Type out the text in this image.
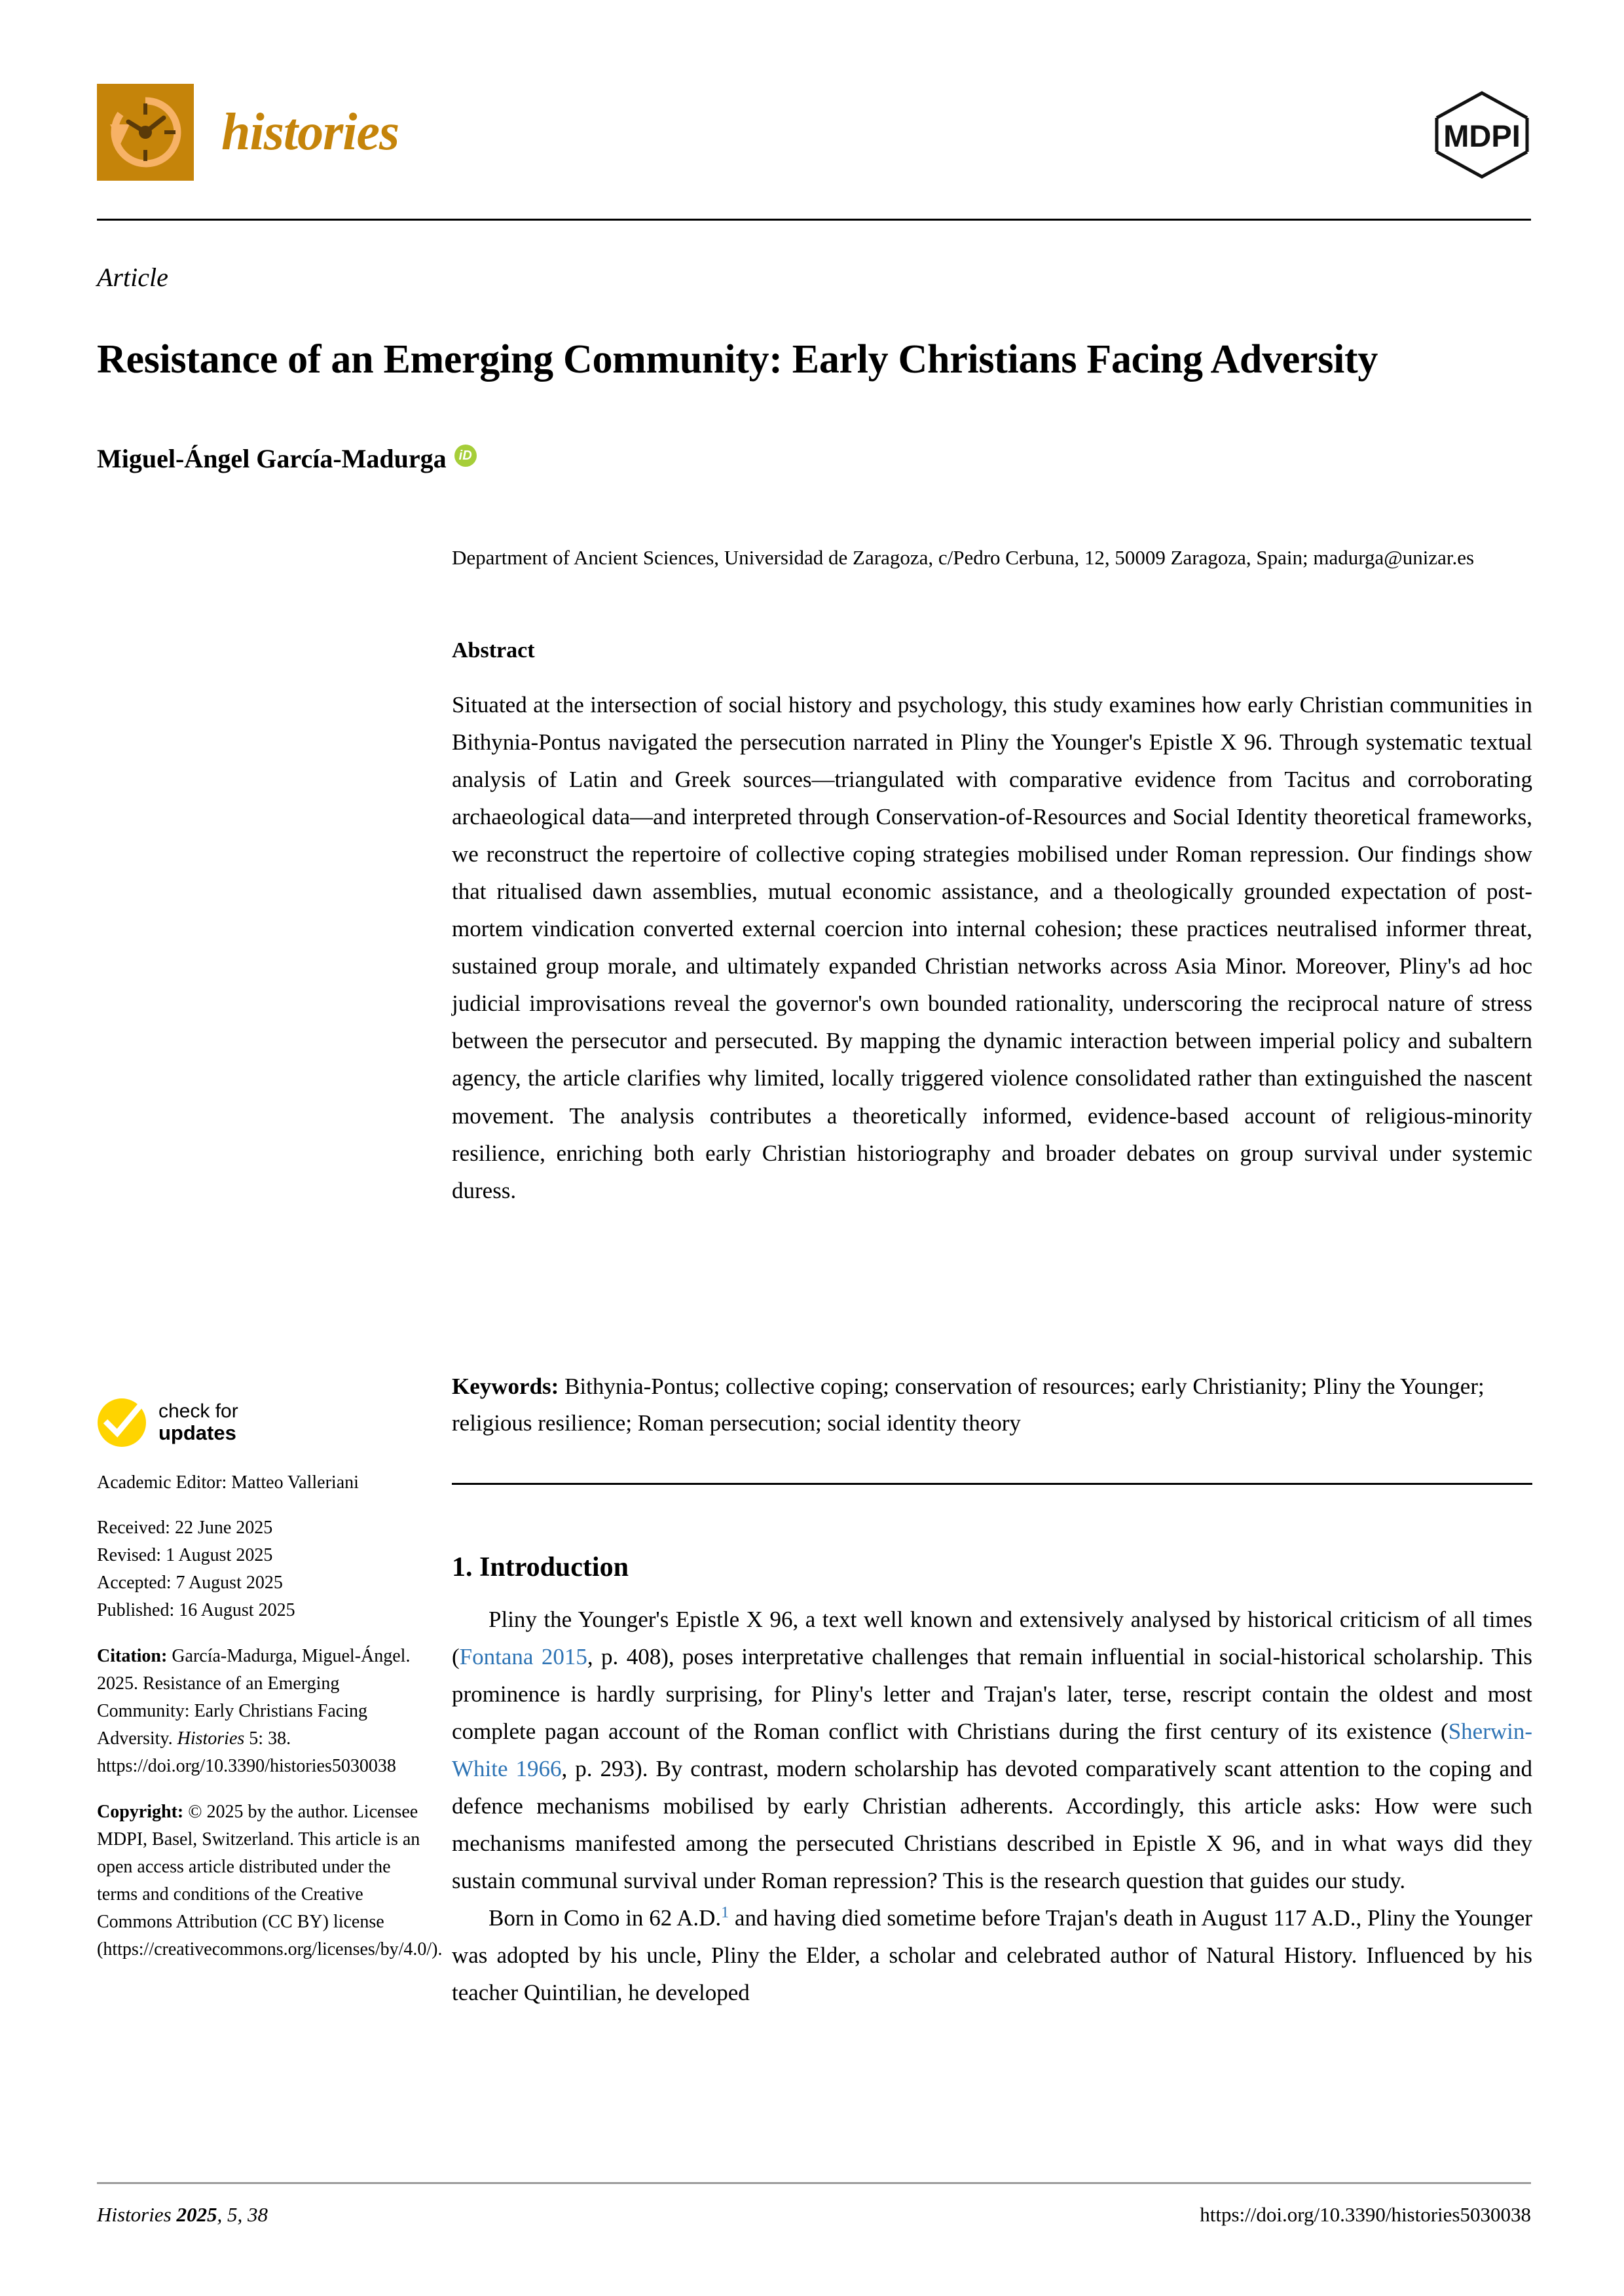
histories	MDPI
Article
Resistance of an Emerging Community: Early Christians Facing Adversity
Miguel-Ángel García-Madurga iD
Department of Ancient Sciences, Universidad de Zaragoza, c/Pedro Cerbuna, 12, 50009 Zaragoza, Spain; madurga@unizar.es
Abstract
Situated at the intersection of social history and psychology, this study examines how early Christian communities in Bithynia-Pontus navigated the persecution narrated in Pliny the Younger's Epistle X 96. Through systematic textual analysis of Latin and Greek sources—triangulated with comparative evidence from Tacitus and corroborating archaeological data—and interpreted through Conservation-of-Resources and Social Identity theoretical frameworks, we reconstruct the repertoire of collective coping strategies mobilised under Roman repression. Our findings show that ritualised dawn assemblies, mutual economic assistance, and a theologically grounded expectation of post-mortem vindication converted external coercion into internal cohesion; these practices neutralised informer threat, sustained group morale, and ultimately expanded Christian networks across Asia Minor. Moreover, Pliny's ad hoc judicial improvisations reveal the governor's own bounded rationality, underscoring the reciprocal nature of stress between the persecutor and persecuted. By mapping the dynamic interaction between imperial policy and subaltern agency, the article clarifies why limited, locally triggered violence consolidated rather than extinguished the nascent movement. The analysis contributes a theoretically informed, evidence-based account of religious-minority resilience, enriching both early Christian historiography and broader debates on group survival under systemic duress.
Keywords: Bithynia-Pontus; collective coping; conservation of resources; early Christianity; Pliny the Younger; religious resilience; Roman persecution; social identity theory
1. Introduction

Pliny the Younger's Epistle X 96, a text well known and extensively analysed by historical criticism of all times (Fontana 2015, p. 408), poses interpretative challenges that remain influential in social-historical scholarship. This prominence is hardly surprising, for Pliny's letter and Trajan's later, terse, rescript contain the oldest and most complete pagan account of the Roman conflict with Christians during the first century of its existence (Sherwin-White 1966, p. 293). By contrast, modern scholarship has devoted comparatively scant attention to the coping and defence mechanisms mobilised by early Christian adherents. Accordingly, this article asks: How were such mechanisms manifested among the persecuted Christians described in Epistle X 96, and in what ways did they sustain communal survival under Roman repression? This is the research question that guides our study.

Born in Como in 62 A.D.$^1$ and having died sometime before Trajan's death in August 117 A.D., Pliny the Younger was adopted by his uncle, Pliny the Elder, a scholar and celebrated author of Natural History. Influenced by his teacher Quintilian, he developed

check for
updates
Academic Editor: Matteo Valleriani
Received: 22 June 2025
Revised: 1 August 2025
Accepted: 7 August 2025
Published: 16 August 2025
Citation: García-Madurga, Miguel-Ángel. 2025. Resistance of an Emerging Community: Early Christians Facing Adversity. Histories 5: 38. https://doi.org/10.3390/histories5030038
Copyright: © 2025 by the author. Licensee MDPI, Basel, Switzerland. This article is an open access article distributed under the terms and conditions of the Creative Commons Attribution (CC BY) license (https://creativecommons.org/licenses/by/4.0/).
Histories 2025, 5, 38	https://doi.org/10.3390/histories5030038
